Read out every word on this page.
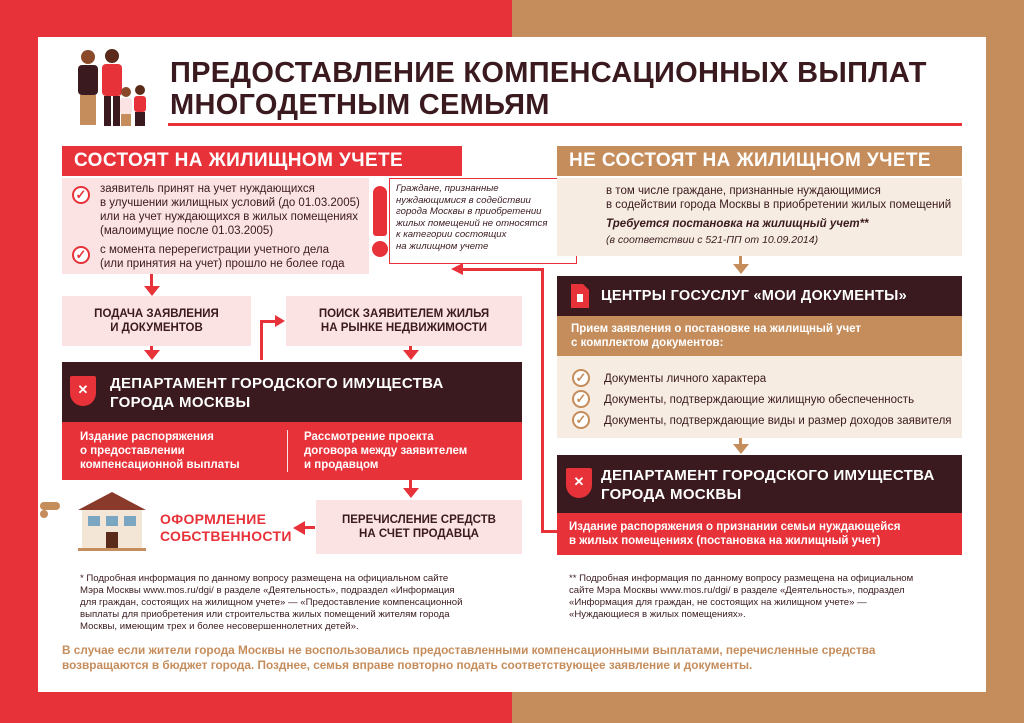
ПРЕДОСТАВЛЕНИЕ КОМПЕНСАЦИОННЫХ ВЫПЛАТ
МНОГОДЕТНЫМ СЕМЬЯМ
СОСТОЯТ НА ЖИЛИЩНОМ УЧЕТЕ
✓	заявитель принят на учет нуждающихся
в улучшении жилищных условий (до 01.03.2005)
или на учет нуждающихся в жилых помещениях
(малоимущие после 01.03.2005)
✓	с момента перерегистрации учетного дела
(или принятия на учет) прошло не более года
Граждане, признанные
нуждающимися в содействии
города Москвы в приобретении
жилых помещений не относятся
к категории состоящих
на жилищном учете
ПОДАЧА ЗАЯВЛЕНИЯ
И ДОКУМЕНТОВ
ПОИСК ЗАЯВИТЕЛЕМ ЖИЛЬЯ
НА РЫНКЕ НЕДВИЖИМОСТИ
✕	ДЕПАРТАМЕНТ ГОРОДСКОГО ИМУЩЕСТВА
ГОРОДА МОСКВЫ
Издание распоряжения
о предоставлении
компенсационной выплаты
Рассмотрение проекта
договора между заявителем
и продавцом
ОФОРМЛЕНИЕ
СОБСТВЕННОСТИ
ПЕРЕЧИСЛЕНИЕ СРЕДСТВ
НА СЧЕТ ПРОДАВЦА
* Подробная информация по данному вопросу размещена на официальном сайте
Мэра Москвы www.mos.ru/dgi/ в разделе «Деятельность», подраздел «Информация
для граждан, состоящих на жилищном учете» — «Предоставление компенсационной
выплаты для приобретения или строительства жилых помещений жителям города
Москвы, имеющим трех и более несовершеннолетних детей».
НЕ СОСТОЯТ НА ЖИЛИЩНОМ УЧЕТЕ
в том числе граждане, признанные нуждающимися
в содействии города Москвы в приобретении жилых помещений
Требуется постановка на жилищный учет**
(в соответствии с 521-ПП от 10.09.2014)
ЦЕНТРЫ ГОСУСЛУГ «МОИ ДОКУМЕНТЫ»
Прием заявления о постановке на жилищный учет
с комплектом документов:
✓	Документы личного характера
✓	Документы, подтверждающие жилищную обеспеченность
✓	Документы, подтверждающие виды и размер доходов заявителя
✕	ДЕПАРТАМЕНТ ГОРОДСКОГО ИМУЩЕСТВА
ГОРОДА МОСКВЫ
Издание распоряжения о признании семьи нуждающейся
в жилых помещениях (постановка на жилищный учет)
** Подробная информация по данному вопросу размещена на официальном
сайте Мэра Москвы www.mos.ru/dgi/ в разделе «Деятельность», подраздел
«Информация для граждан, не состоящих на жилищном учете» —
«Нуждающиеся в жилых помещениях».
В случае если жители города Москвы не воспользовались предоставленными компенсационными выплатами, перечисленные средства
возвращаются в бюджет города. Позднее, семья вправе повторно подать соответствующее заявление и документы.
